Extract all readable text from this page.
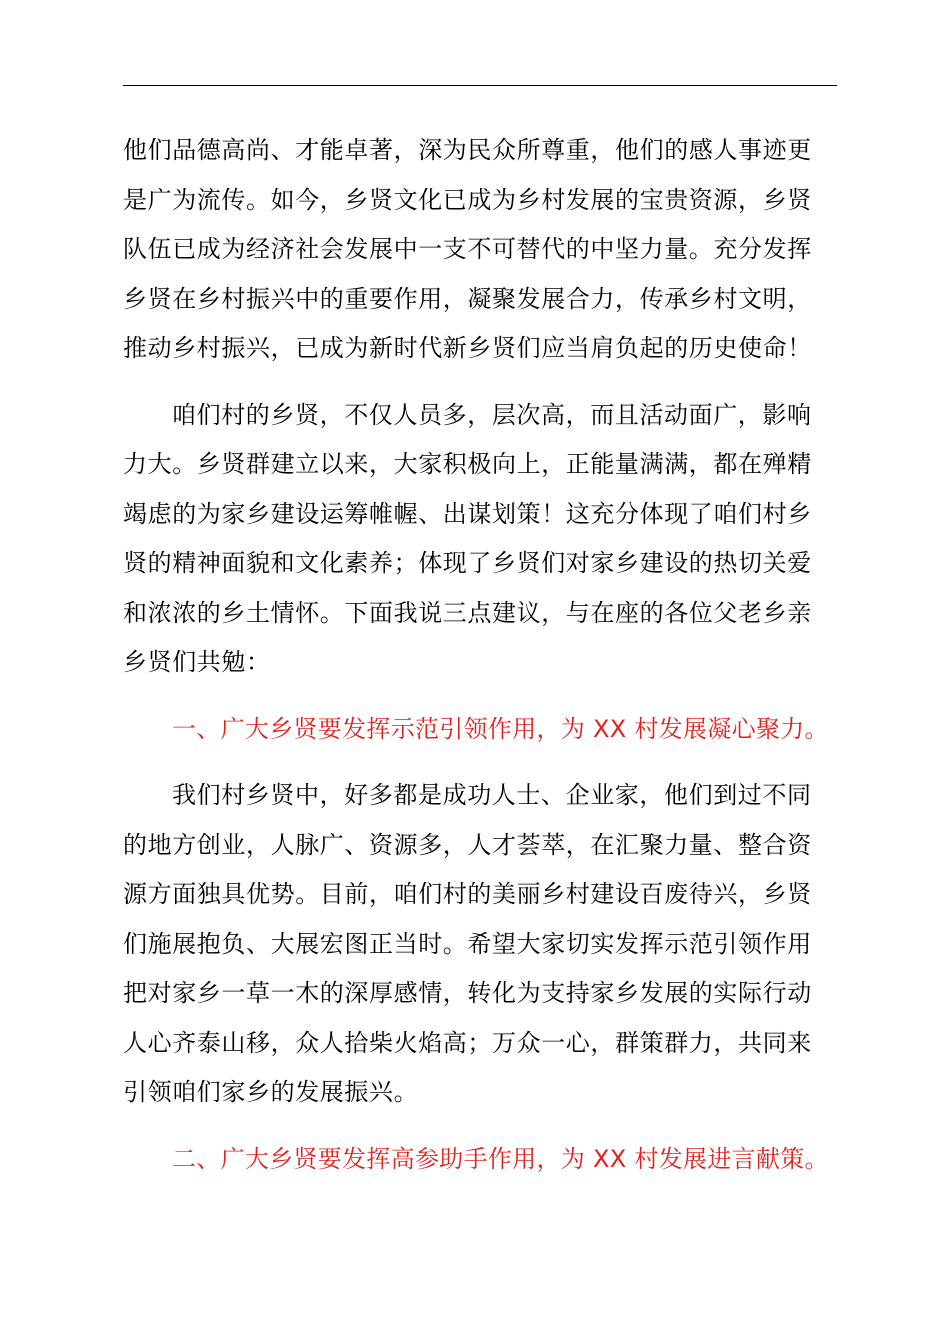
他们品德高尚、才能卓著，深为民众所尊重，他们的感人事迹更
是广为流传。如今，乡贤文化已成为乡村发展的宝贵资源，乡贤
队伍已成为经济社会发展中一支不可替代的中坚力量。充分发挥
乡贤在乡村振兴中的重要作用，凝聚发展合力，传承乡村文明，
推动乡村振兴，已成为新时代新乡贤们应当肩负起的历史使命！

咱们村的乡贤，不仅人员多，层次高，而且活动面广，影响
力大。乡贤群建立以来，大家积极向上，正能量满满，都在殚精
竭虑的为家乡建设运筹帷幄、出谋划策！这充分体现了咱们村乡
贤的精神面貌和文化素养；体现了乡贤们对家乡建设的热切关爱
和浓浓的乡土情怀。下面我说三点建议，与在座的各位父老乡亲
乡贤们共勉：

一、广大乡贤要发挥示范引领作用，为 XX 村发展凝心聚力。

我们村乡贤中，好多都是成功人士、企业家，他们到过不同
的地方创业，人脉广、资源多，人才荟萃，在汇聚力量、整合资
源方面独具优势。目前，咱们村的美丽乡村建设百废待兴，乡贤
们施展抱负、大展宏图正当时。希望大家切实发挥示范引领作用
把对家乡一草一木的深厚感情，转化为支持家乡发展的实际行动
人心齐泰山移，众人拾柴火焰高；万众一心，群策群力，共同来
引领咱们家乡的发展振兴。

二、广大乡贤要发挥高参助手作用，为 XX 村发展进言献策。
